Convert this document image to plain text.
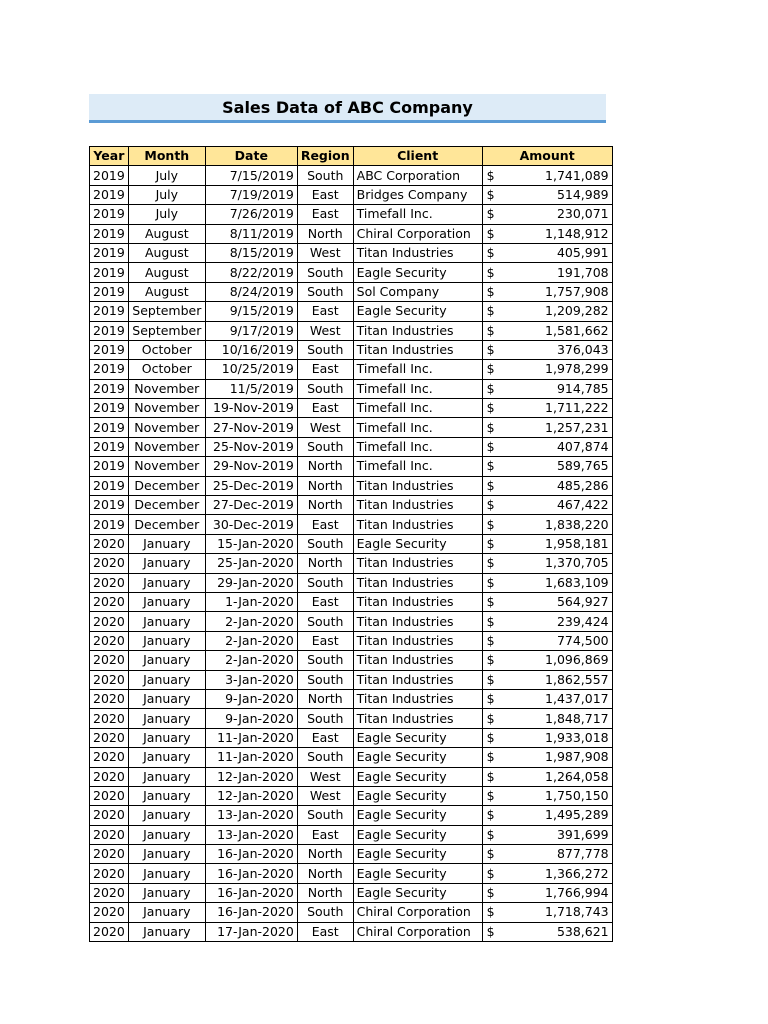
Sales Data of ABC Company
Year	Month	Date	Region	Client	Amount
2019	July	7/15/2019	South	ABC Corporation	$ 1,741,089
2019	July	7/19/2019	East	Bridges Company	$ 514,989
2019	July	7/26/2019	East	Timefall Inc.	$ 230,071
2019	August	8/11/2019	North	Chiral Corporation	$ 1,148,912
2019	August	8/15/2019	West	Titan Industries	$ 405,991
2019	August	8/22/2019	South	Eagle Security	$ 191,708
2019	August	8/24/2019	South	Sol Company	$ 1,757,908
2019	September	9/15/2019	East	Eagle Security	$ 1,209,282
2019	September	9/17/2019	West	Titan Industries	$ 1,581,662
2019	October	10/16/2019	South	Titan Industries	$ 376,043
2019	October	10/25/2019	East	Timefall Inc.	$ 1,978,299
2019	November	11/5/2019	South	Timefall Inc.	$ 914,785
2019	November	19-Nov-2019	East	Timefall Inc.	$ 1,711,222
2019	November	27-Nov-2019	West	Timefall Inc.	$ 1,257,231
2019	November	25-Nov-2019	South	Timefall Inc.	$ 407,874
2019	November	29-Nov-2019	North	Timefall Inc.	$ 589,765
2019	December	25-Dec-2019	North	Titan Industries	$ 485,286
2019	December	27-Dec-2019	North	Titan Industries	$ 467,422
2019	December	30-Dec-2019	East	Titan Industries	$ 1,838,220
2020	January	15-Jan-2020	South	Eagle Security	$ 1,958,181
2020	January	25-Jan-2020	North	Titan Industries	$ 1,370,705
2020	January	29-Jan-2020	South	Titan Industries	$ 1,683,109
2020	January	1-Jan-2020	East	Titan Industries	$ 564,927
2020	January	2-Jan-2020	South	Titan Industries	$ 239,424
2020	January	2-Jan-2020	East	Titan Industries	$ 774,500
2020	January	2-Jan-2020	South	Titan Industries	$ 1,096,869
2020	January	3-Jan-2020	South	Titan Industries	$ 1,862,557
2020	January	9-Jan-2020	North	Titan Industries	$ 1,437,017
2020	January	9-Jan-2020	South	Titan Industries	$ 1,848,717
2020	January	11-Jan-2020	East	Eagle Security	$ 1,933,018
2020	January	11-Jan-2020	South	Eagle Security	$ 1,987,908
2020	January	12-Jan-2020	West	Eagle Security	$ 1,264,058
2020	January	12-Jan-2020	West	Eagle Security	$ 1,750,150
2020	January	13-Jan-2020	South	Eagle Security	$ 1,495,289
2020	January	13-Jan-2020	East	Eagle Security	$ 391,699
2020	January	16-Jan-2020	North	Eagle Security	$ 877,778
2020	January	16-Jan-2020	North	Eagle Security	$ 1,366,272
2020	January	16-Jan-2020	North	Eagle Security	$ 1,766,994
2020	January	16-Jan-2020	South	Chiral Corporation	$ 1,718,743
2020	January	17-Jan-2020	East	Chiral Corporation	$ 538,621
